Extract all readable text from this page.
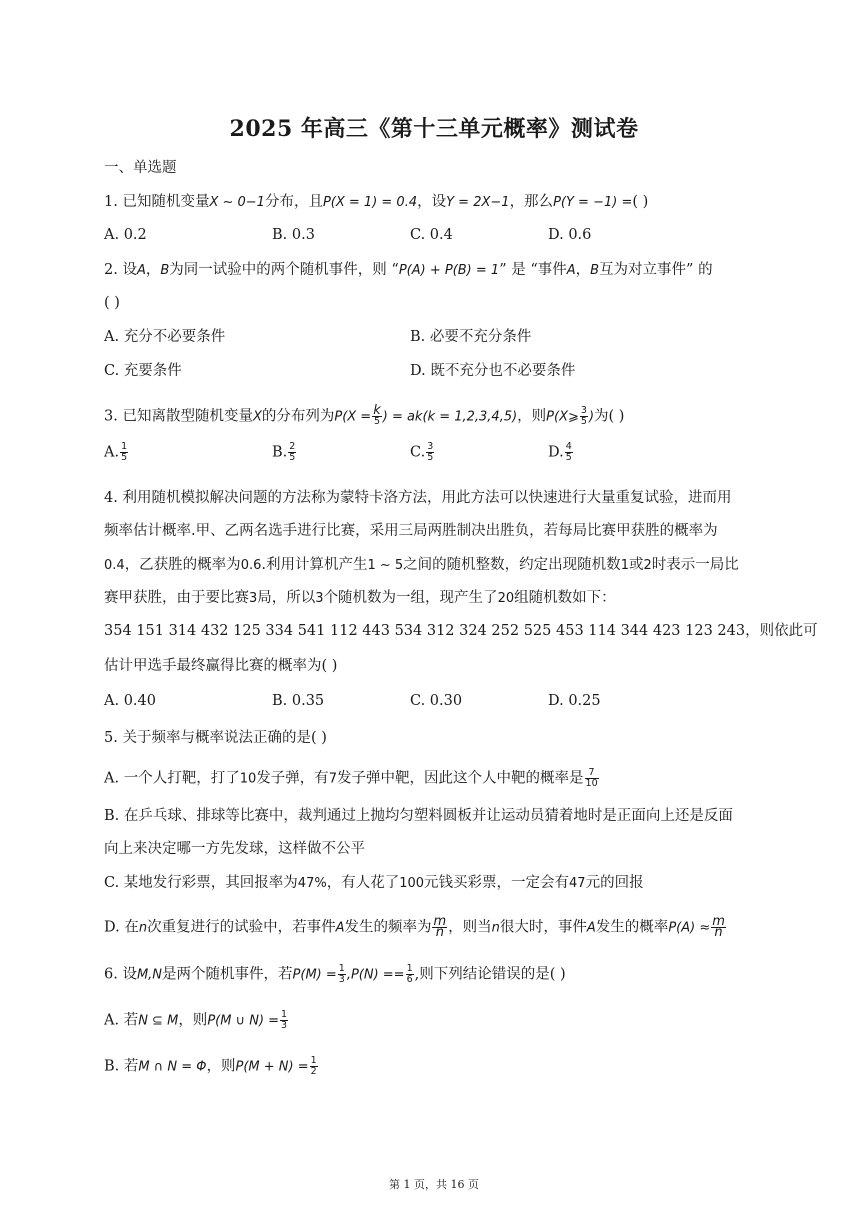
2025 年高三《第十三单元概率》测试卷
一、单选题
1. 已知随机变量X ~ 0−1分布，且P(X = 1) = 0.4，设Y = 2X−1，那么P(Y = −1) =( )
A. 0.2	B. 0.3	C. 0.4	D. 0.6
2. 设A，B为同一试验中的两个随机事件，则 “P(A) + P(B) = 1” 是 “事件A，B互为对立事件” 的
( )
A. 充分不必要条件	B. 必要不充分条件
C. 充要条件	D. 既不充分也不必要条件
3. 已知离散型随机变量X的分布列为$P(X = \frac{k}{5}$ ) = ak(k = 1,2,3,4,5)，则P(X⩾ $\frac{3}{5}$ )为( )
A. $\frac{1}{5}$	B. $\frac{2}{5}$	C. $\frac{3}{5}$	D. $\frac{4}{5}$
4. 利用随机模拟解决问题的方法称为蒙特卡洛方法，用此方法可以快速进行大量重复试验，进而用
频率估计概率.甲、乙两名选手进行比赛，采用三局两胜制决出胜负，若每局比赛甲获胜的概率为
0.4，乙获胜的概率为0.6.利用计算机产生1 ~ 5之间的随机整数，约定出现随机数1或2时表示一局比
赛甲获胜，由于要比赛3局，所以3个随机数为一组，现产生了20组随机数如下：
354 151 314 432 125 334 541 112 443 534 312 324 252 525 453 114 344 423 123 243，则依此可
估计甲选手最终赢得比赛的概率为( )
A. 0.40	B. 0.35	C. 0.30	D. 0.25
5. 关于频率与概率说法正确的是( )
A. 一个人打靶，打了10发子弹，有7发子弹中靶，因此这个人中靶的概率是 $\frac{7}{10}$
B. 在乒乓球、排球等比赛中，裁判通过上抛均匀塑料圆板并让运动员猜着地时是正面向上还是反面
向上来决定哪一方先发球，这样做不公平
C. 某地发行彩票，其回报率为47%，有人花了100元钱买彩票，一定会有47元的回报
D. 在n次重复进行的试验中，若事件A发生的频率为 $\frac{m}{n}$ ，则当n很大时，事件A发生的概率$P(A) \approx \frac{m}{n}$
6. 设M,N是两个随机事件，若$P(M) = \frac{1}{3} ,P(N) == \frac{1}{6}$ ,则下列结论错误的是( )
A. 若N ⊆ M，则P(M ∪ $N) = \frac{1}{3}$
B. 若M ∩ N = Φ，则$P(M + N) = \frac{1}{2}$
第 1 页，共 16 页
